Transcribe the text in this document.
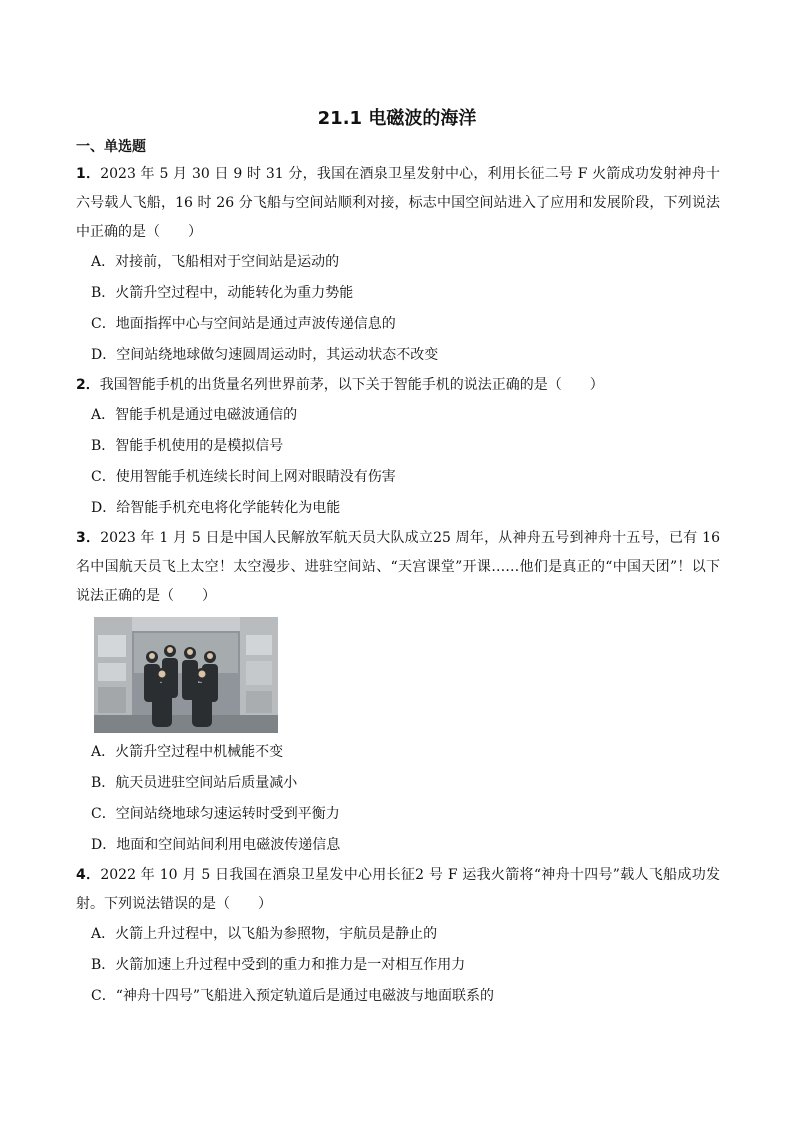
21.1 电磁波的海洋
一、单选题

1．2023 年 5 月 30 日 9 时 31 分，我国在酒泉卫星发射中心，利用长征二号 F 火箭成功发射神舟十六号载人飞船，16 时 26 分飞船与空间站顺利对接，标志中国空间站进入了应用和发展阶段，下列说法中正确的是（　　）

A．对接前，飞船相对于空间站是运动的

B．火箭升空过程中，动能转化为重力势能

C．地面指挥中心与空间站是通过声波传递信息的

D．空间站绕地球做匀速圆周运动时，其运动状态不改变

2．我国智能手机的出货量名列世界前茅，以下关于智能手机的说法正确的是（　　）

A．智能手机是通过电磁波通信的

B．智能手机使用的是模拟信号

C．使用智能手机连续长时间上网对眼睛没有伤害

D．给智能手机充电将化学能转化为电能

3．2023 年 1 月 5 日是中国人民解放军航天员大队成立25 周年，从神舟五号到神舟十五号，已有 16 名中国航天员飞上太空！太空漫步、进驻空间站、“天宫课堂”开课……他们是真正的“中国天团”！以下说法正确的是（　　）

A．火箭升空过程中机械能不变

B．航天员进驻空间站后质量减小

C．空间站绕地球匀速运转时受到平衡力

D．地面和空间站间利用电磁波传递信息

4．2022 年 10 月 5 日我国在酒泉卫星发中心用长征2 号 F 运我火箭将“神舟十四号”载人飞船成功发射。下列说法错误的是（　　）

A．火箭上升过程中，以飞船为参照物，宇航员是静止的

B．火箭加速上升过程中受到的重力和推力是一对相互作用力

C．“神舟十四号”飞船进入预定轨道后是通过电磁波与地面联系的
